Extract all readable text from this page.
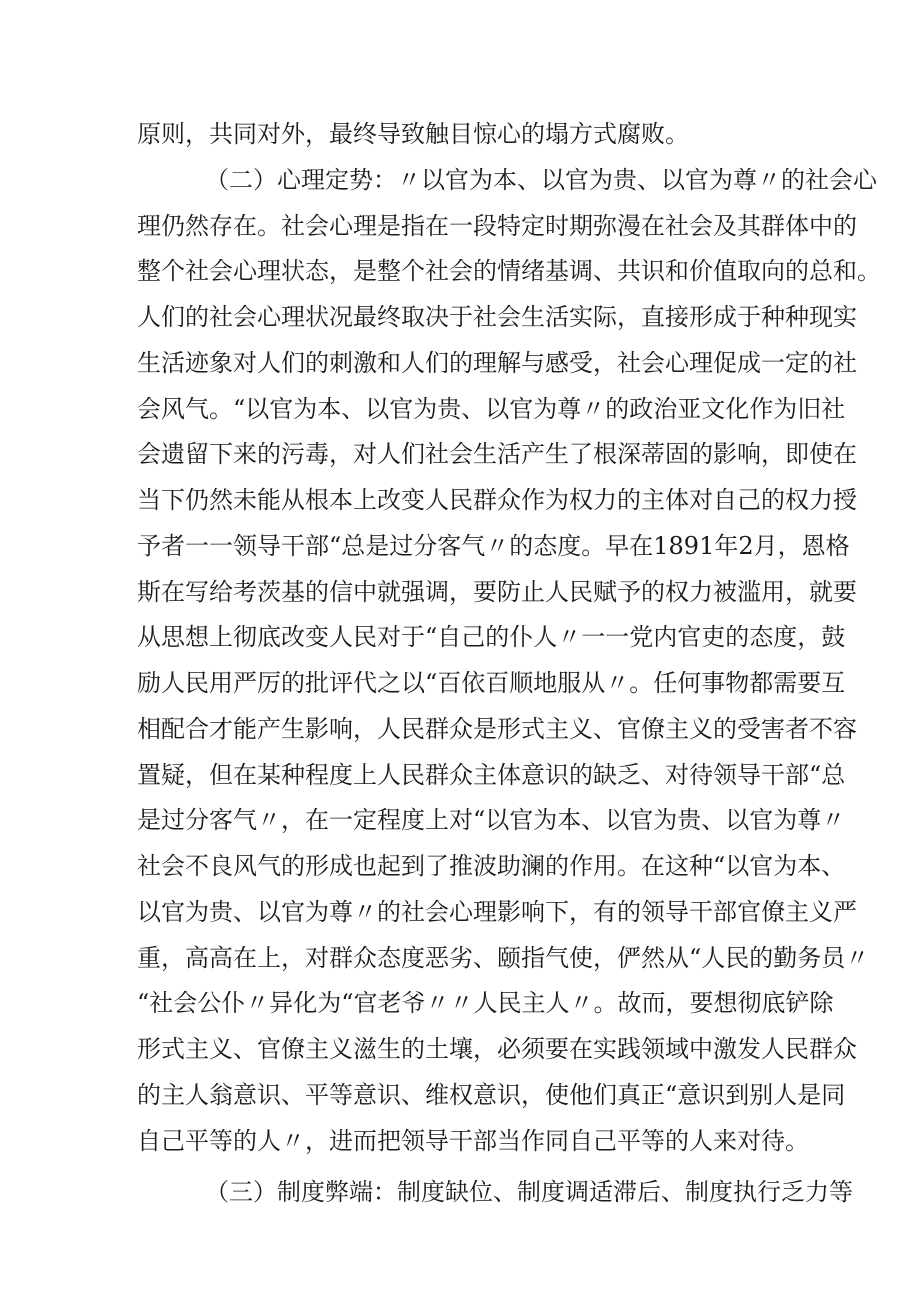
原则，共同对外，最终导致触目惊心的塌方式腐败。
（二）心理定势：〃以官为本、以官为贵、以官为尊〃的社会心
理仍然存在。社会心理是指在一段特定时期弥漫在社会及其群体中的
整个社会心理状态，是整个社会的情绪基调、共识和价值取向的总和。
人们的社会心理状况最终取决于社会生活实际，直接形成于种种现实
生活迹象对人们的刺激和人们的理解与感受，社会心理促成一定的社
会风气。“以官为本、以官为贵、以官为尊〃的政治亚文化作为旧社
会遗留下来的污毒，对人们社会生活产生了根深蒂固的影响，即使在
当下仍然未能从根本上改变人民群众作为权力的主体对自己的权力授
予者一一领导干部“总是过分客气〃的态度。早在1891年2月，恩格
斯在写给考茨基的信中就强调，要防止人民赋予的权力被滥用，就要
从思想上彻底改变人民对于“自己的仆人〃一一党内官吏的态度，鼓
励人民用严厉的批评代之以“百依百顺地服从〃。任何事物都需要互
相配合才能产生影响，人民群众是形式主义、官僚主义的受害者不容
置疑，但在某种程度上人民群众主体意识的缺乏、对待领导干部“总
是过分客气〃，在一定程度上对“以官为本、以官为贵、以官为尊〃
社会不良风气的形成也起到了推波助澜的作用。在这种“以官为本、
以官为贵、以官为尊〃的社会心理影响下，有的领导干部官僚主义严
重，高高在上，对群众态度恶劣、颐指气使，俨然从“人民的勤务员〃
“社会公仆〃异化为“官老爷〃〃人民主人〃。故而，要想彻底铲除
形式主义、官僚主义滋生的土壤，必须要在实践领域中激发人民群众
的主人翁意识、平等意识、维权意识，使他们真正“意识到别人是同
自己平等的人〃，进而把领导干部当作同自己平等的人来对待。
（三）制度弊端：制度缺位、制度调适滞后、制度执行乏力等
